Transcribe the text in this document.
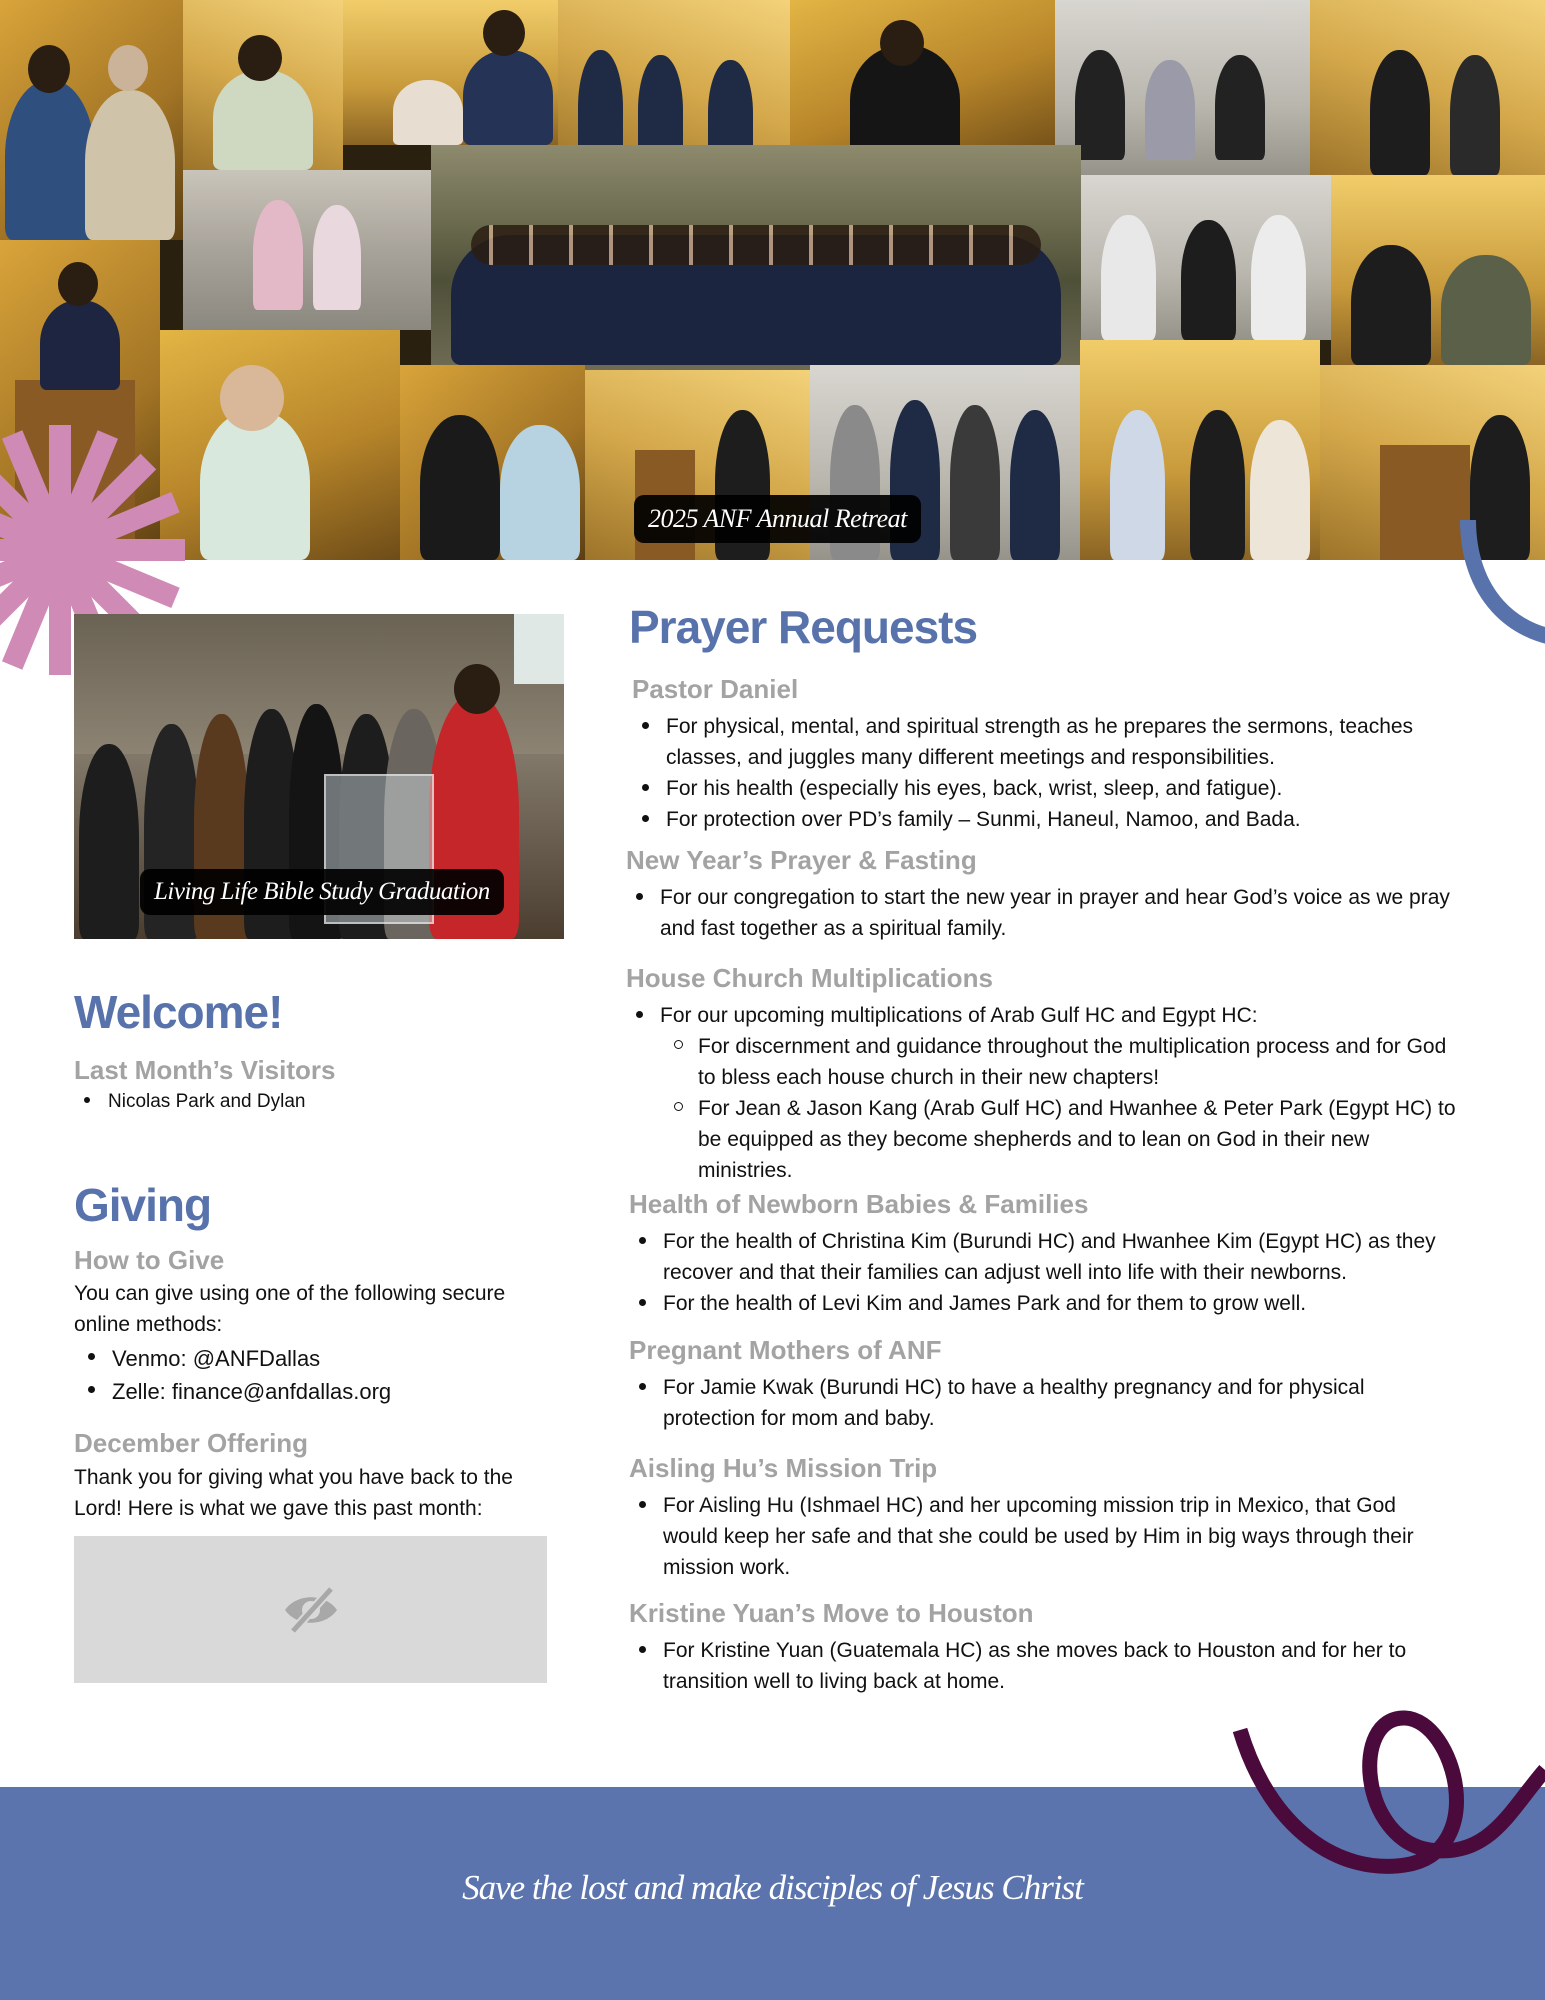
2025 ANF Annual Retreat
Living Life Bible Study Graduation
Welcome!
Last Month’s Visitors
Nicolas Park and Dylan
Giving
How to Give
You can give using one of the following secure online methods:
Venmo: @ANFDallas
Zelle: finance@anfdallas.org
December Offering
Thank you for giving what you have back to the Lord! Here is what we gave this past month:
Prayer Requests
Pastor Daniel
For physical, mental, and spiritual strength as he prepares the sermons, teaches classes, and juggles many different meetings and responsibilities.
For his health (especially his eyes, back, wrist, sleep, and fatigue).
For protection over PD’s family – Sunmi, Haneul, Namoo, and Bada.
New Year’s Prayer & Fasting
For our congregation to start the new year in prayer and hear God’s voice as we pray and fast together as a spiritual family.
House Church Multiplications
For our upcoming multiplications of Arab Gulf HC and Egypt HC:
For discernment and guidance throughout the multiplication process and for God to bless each house church in their new chapters!
For Jean & Jason Kang (Arab Gulf HC) and Hwanhee & Peter Park (Egypt HC) to be equipped as they become shepherds and to lean on God in their new ministries.
Health of Newborn Babies & Families
For the health of Christina Kim (Burundi HC) and Hwanhee Kim (Egypt HC) as they recover and that their families can adjust well into life with their newborns.
For the health of Levi Kim and James Park and for them to grow well.
Pregnant Mothers of ANF
For Jamie Kwak (Burundi HC) to have a healthy pregnancy and for physical protection for mom and baby.
Aisling Hu’s Mission Trip
For Aisling Hu (Ishmael HC) and her upcoming mission trip in Mexico, that God would keep her safe and that she could be used by Him in big ways through their mission work.
Kristine Yuan’s Move to Houston
For Kristine Yuan (Guatemala HC) as she moves back to Houston and for her to transition well to living back at home.
Save the lost and make disciples of Jesus Christ
